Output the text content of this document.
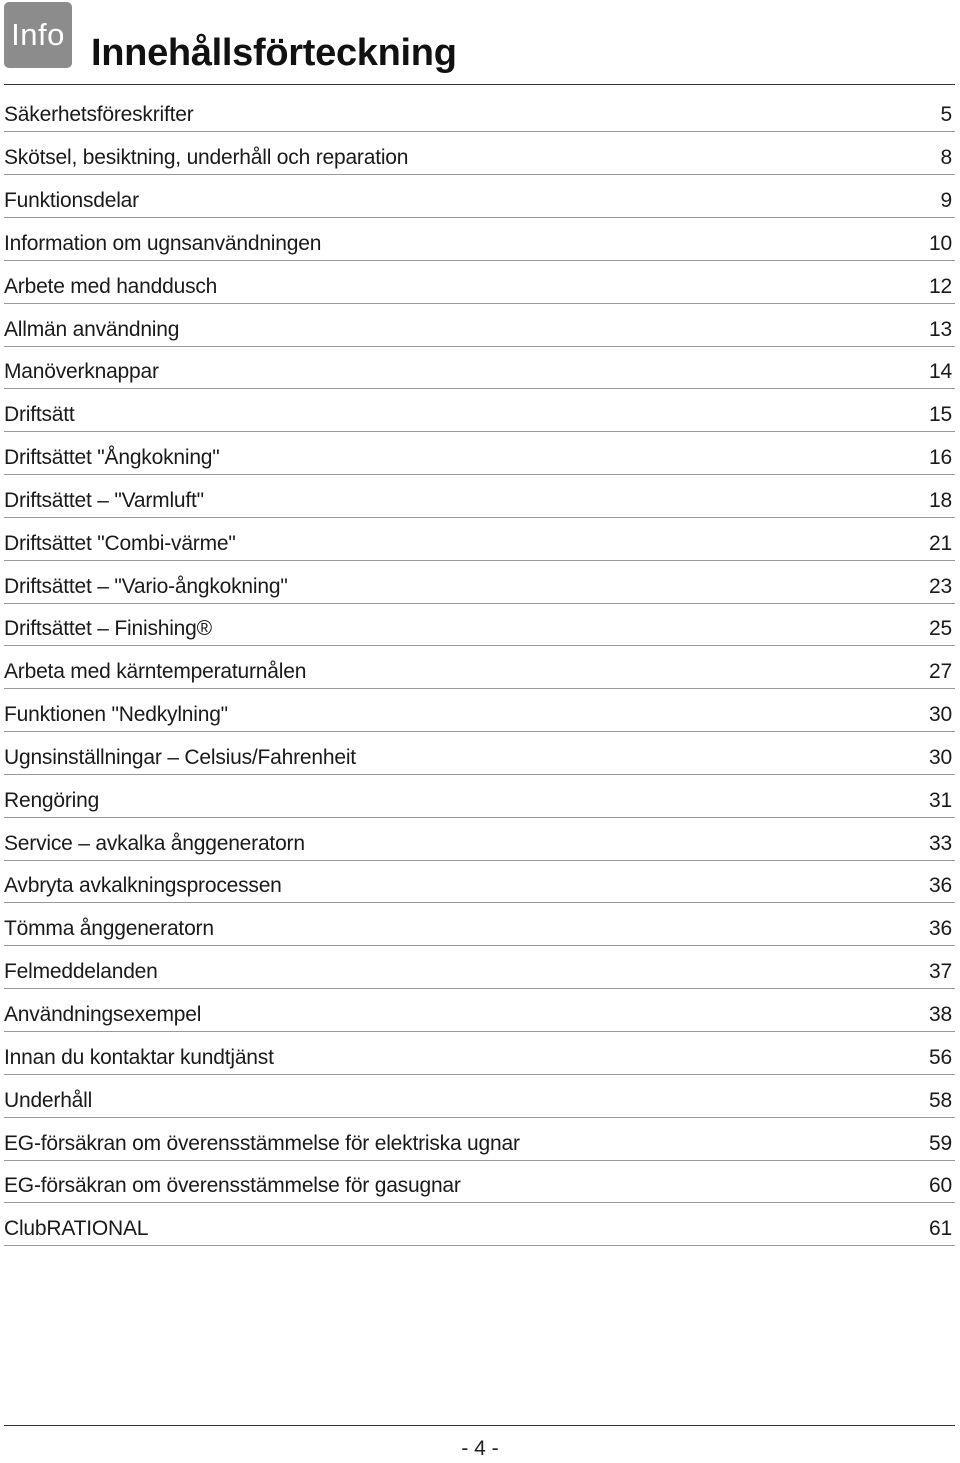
Info Innehållsförteckning
Säkerhetsföreskrifter	5
Skötsel, besiktning, underhåll och reparation	8
Funktionsdelar	9
Information om ugnsanvändningen	10
Arbete med handdusch	12
Allmän användning	13
Manöverknappar	14
Driftsätt	15
Driftsättet "Ångkokning"	16
Driftsättet – "Varmluft"	18
Driftsättet "Combi-värme"	21
Driftsättet – "Vario-ångkokning"	23
Driftsättet – Finishing®	25
Arbeta med kärntemperaturnålen	27
Funktionen "Nedkylning"	30
Ugnsinställningar – Celsius/Fahrenheit	30
Rengöring	31
Service – avkalka ånggeneratorn	33
Avbryta avkalkningsprocessen	36
Tömma ånggeneratorn	36
Felmeddelanden	37
Användningsexempel	38
Innan du kontaktar kundtjänst	56
Underhåll	58
EG-försäkran om överensstämmelse för elektriska ugnar	59
EG-försäkran om överensstämmelse för gasugnar	60
ClubRATIONAL	61
- 4 -
